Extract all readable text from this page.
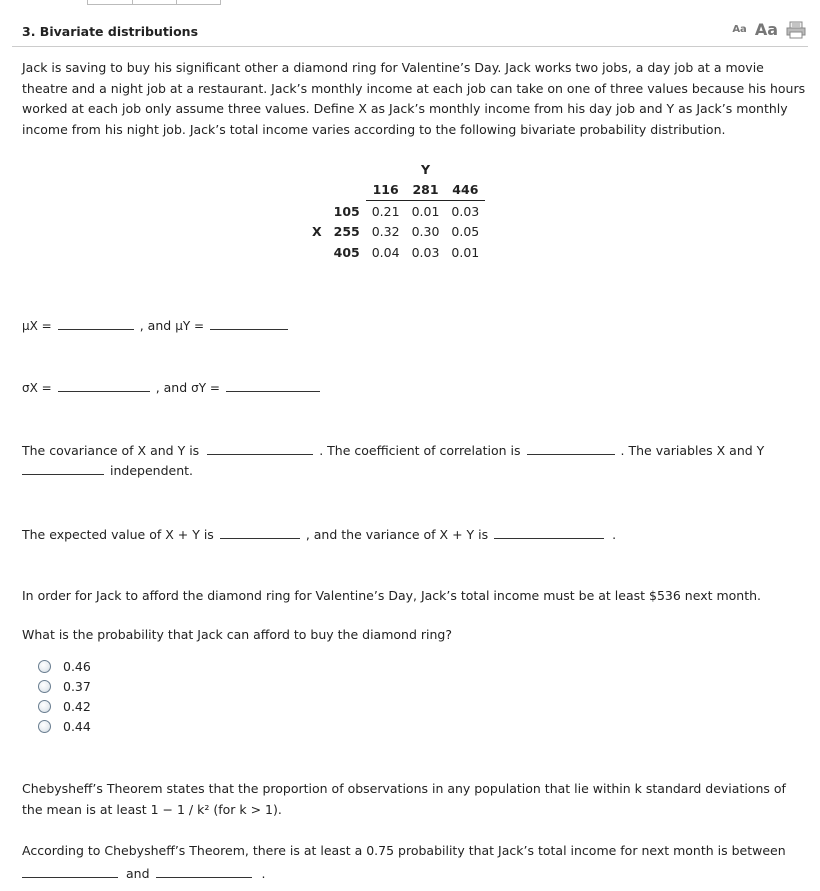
3. Bivariate distributions	Aa Aa
Jack is saving to buy his significant other a diamond ring for Valentine’s Day. Jack works two jobs, a day job at a movie theatre and a night job at a restaurant. Jack’s monthly income at each job can take on one of three values because his hours worked at each job only assume three values. Define X as Jack’s monthly income from his day job and Y as Jack’s monthly income from his night job. Jack’s total income varies according to the following bivariate probability distribution.
			Y	
		116	281	446
	105	0.21	0.01	0.03
X	255	0.32	0.30	0.05
	405	0.04	0.03	0.01
μX =	, and μY =
σX =	, and σY =
The covariance of X and Y is	. The coefficient of correlation is	. The variables X and Y
independent.
The expected value of X + Y is	, and the variance of X + Y is	.
In order for Jack to afford the diamond ring for Valentine’s Day, Jack’s total income must be at least $536 next month.
What is the probability that Jack can afford to buy the diamond ring?
0.46
0.37
0.42
0.44
Chebysheff’s Theorem states that the proportion of observations in any population that lie within k standard deviations of the mean is at least 1 − 1 / k² (for k > 1).
According to Chebysheff’s Theorem, there is at least a 0.75 probability that Jack’s total income for next month is between
and	.
